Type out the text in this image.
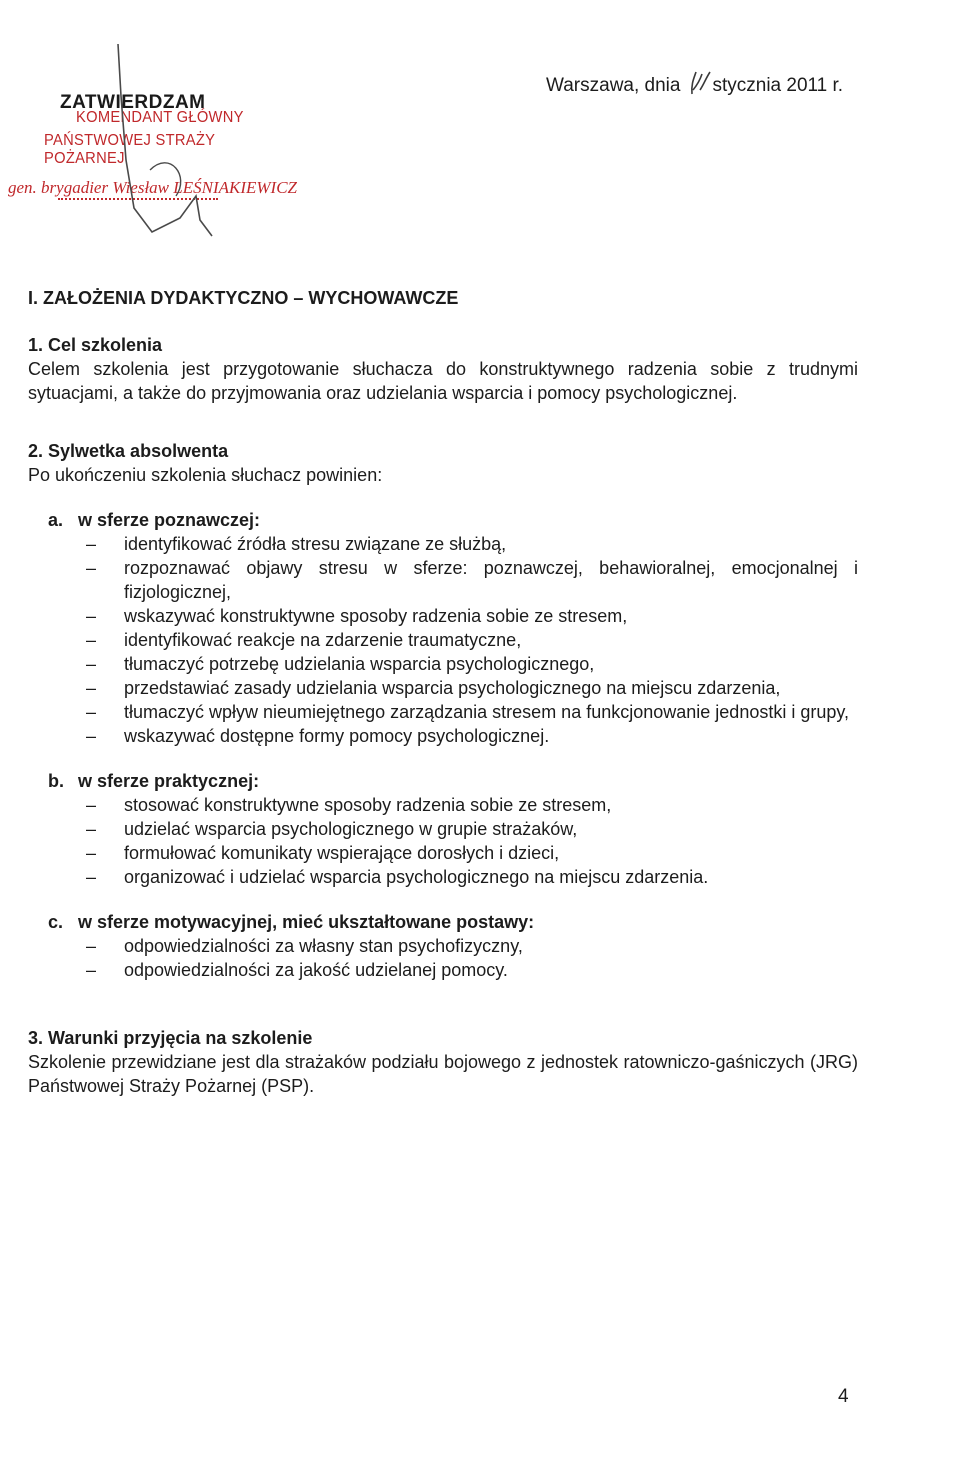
ZATWIERDZAM
KOMENDANT GŁÓWNY
PAŃSTWOWEJ STRAŻY POŻARNEJ
gen. brygadier Wiesław LEŚNIAKIEWICZ
Warszawa, dnia stycznia 2011 r.
I. ZAŁOŻENIA DYDAKTYCZNO – WYCHOWAWCZE
1. Cel szkolenia

Celem szkolenia jest przygotowanie słuchacza do konstruktywnego radzenia sobie z trudnymi sytuacjami, a także do przyjmowania oraz udzielania wsparcia i pomocy psychologicznej.

2. Sylwetka absolwenta
Po ukończeniu szkolenia słuchacz powinien:
a. w sferze poznawczej:
– identyfikować źródła stresu związane ze służbą,
– rozpoznawać objawy stresu w sferze: poznawczej, behawioralnej, emocjonalnej i fizjologicznej,
– wskazywać konstruktywne sposoby radzenia sobie ze stresem,
– identyfikować reakcje na zdarzenie traumatyczne,
– tłumaczyć potrzebę udzielania wsparcia psychologicznego,
– przedstawiać zasady udzielania wsparcia psychologicznego na miejscu zdarzenia,
– tłumaczyć wpływ nieumiejętnego zarządzania stresem na funkcjonowanie jednostki i grupy,
– wskazywać dostępne formy pomocy psychologicznej.
b. w sferze praktycznej:
– stosować konstruktywne sposoby radzenia sobie ze stresem,
– udzielać wsparcia psychologicznego w grupie strażaków,
– formułować komunikaty wspierające dorosłych i dzieci,
– organizować i udzielać wsparcia psychologicznego na miejscu zdarzenia.
c. w sferze motywacyjnej, mieć ukształtowane postawy:
– odpowiedzialności za własny stan psychofizyczny,
– odpowiedzialności za jakość udzielanej pomocy.
3. Warunki przyjęcia na szkolenie

Szkolenie przewidziane jest dla strażaków podziału bojowego z jednostek ratowniczo-gaśniczych (JRG) Państwowej Straży Pożarnej (PSP).

4
